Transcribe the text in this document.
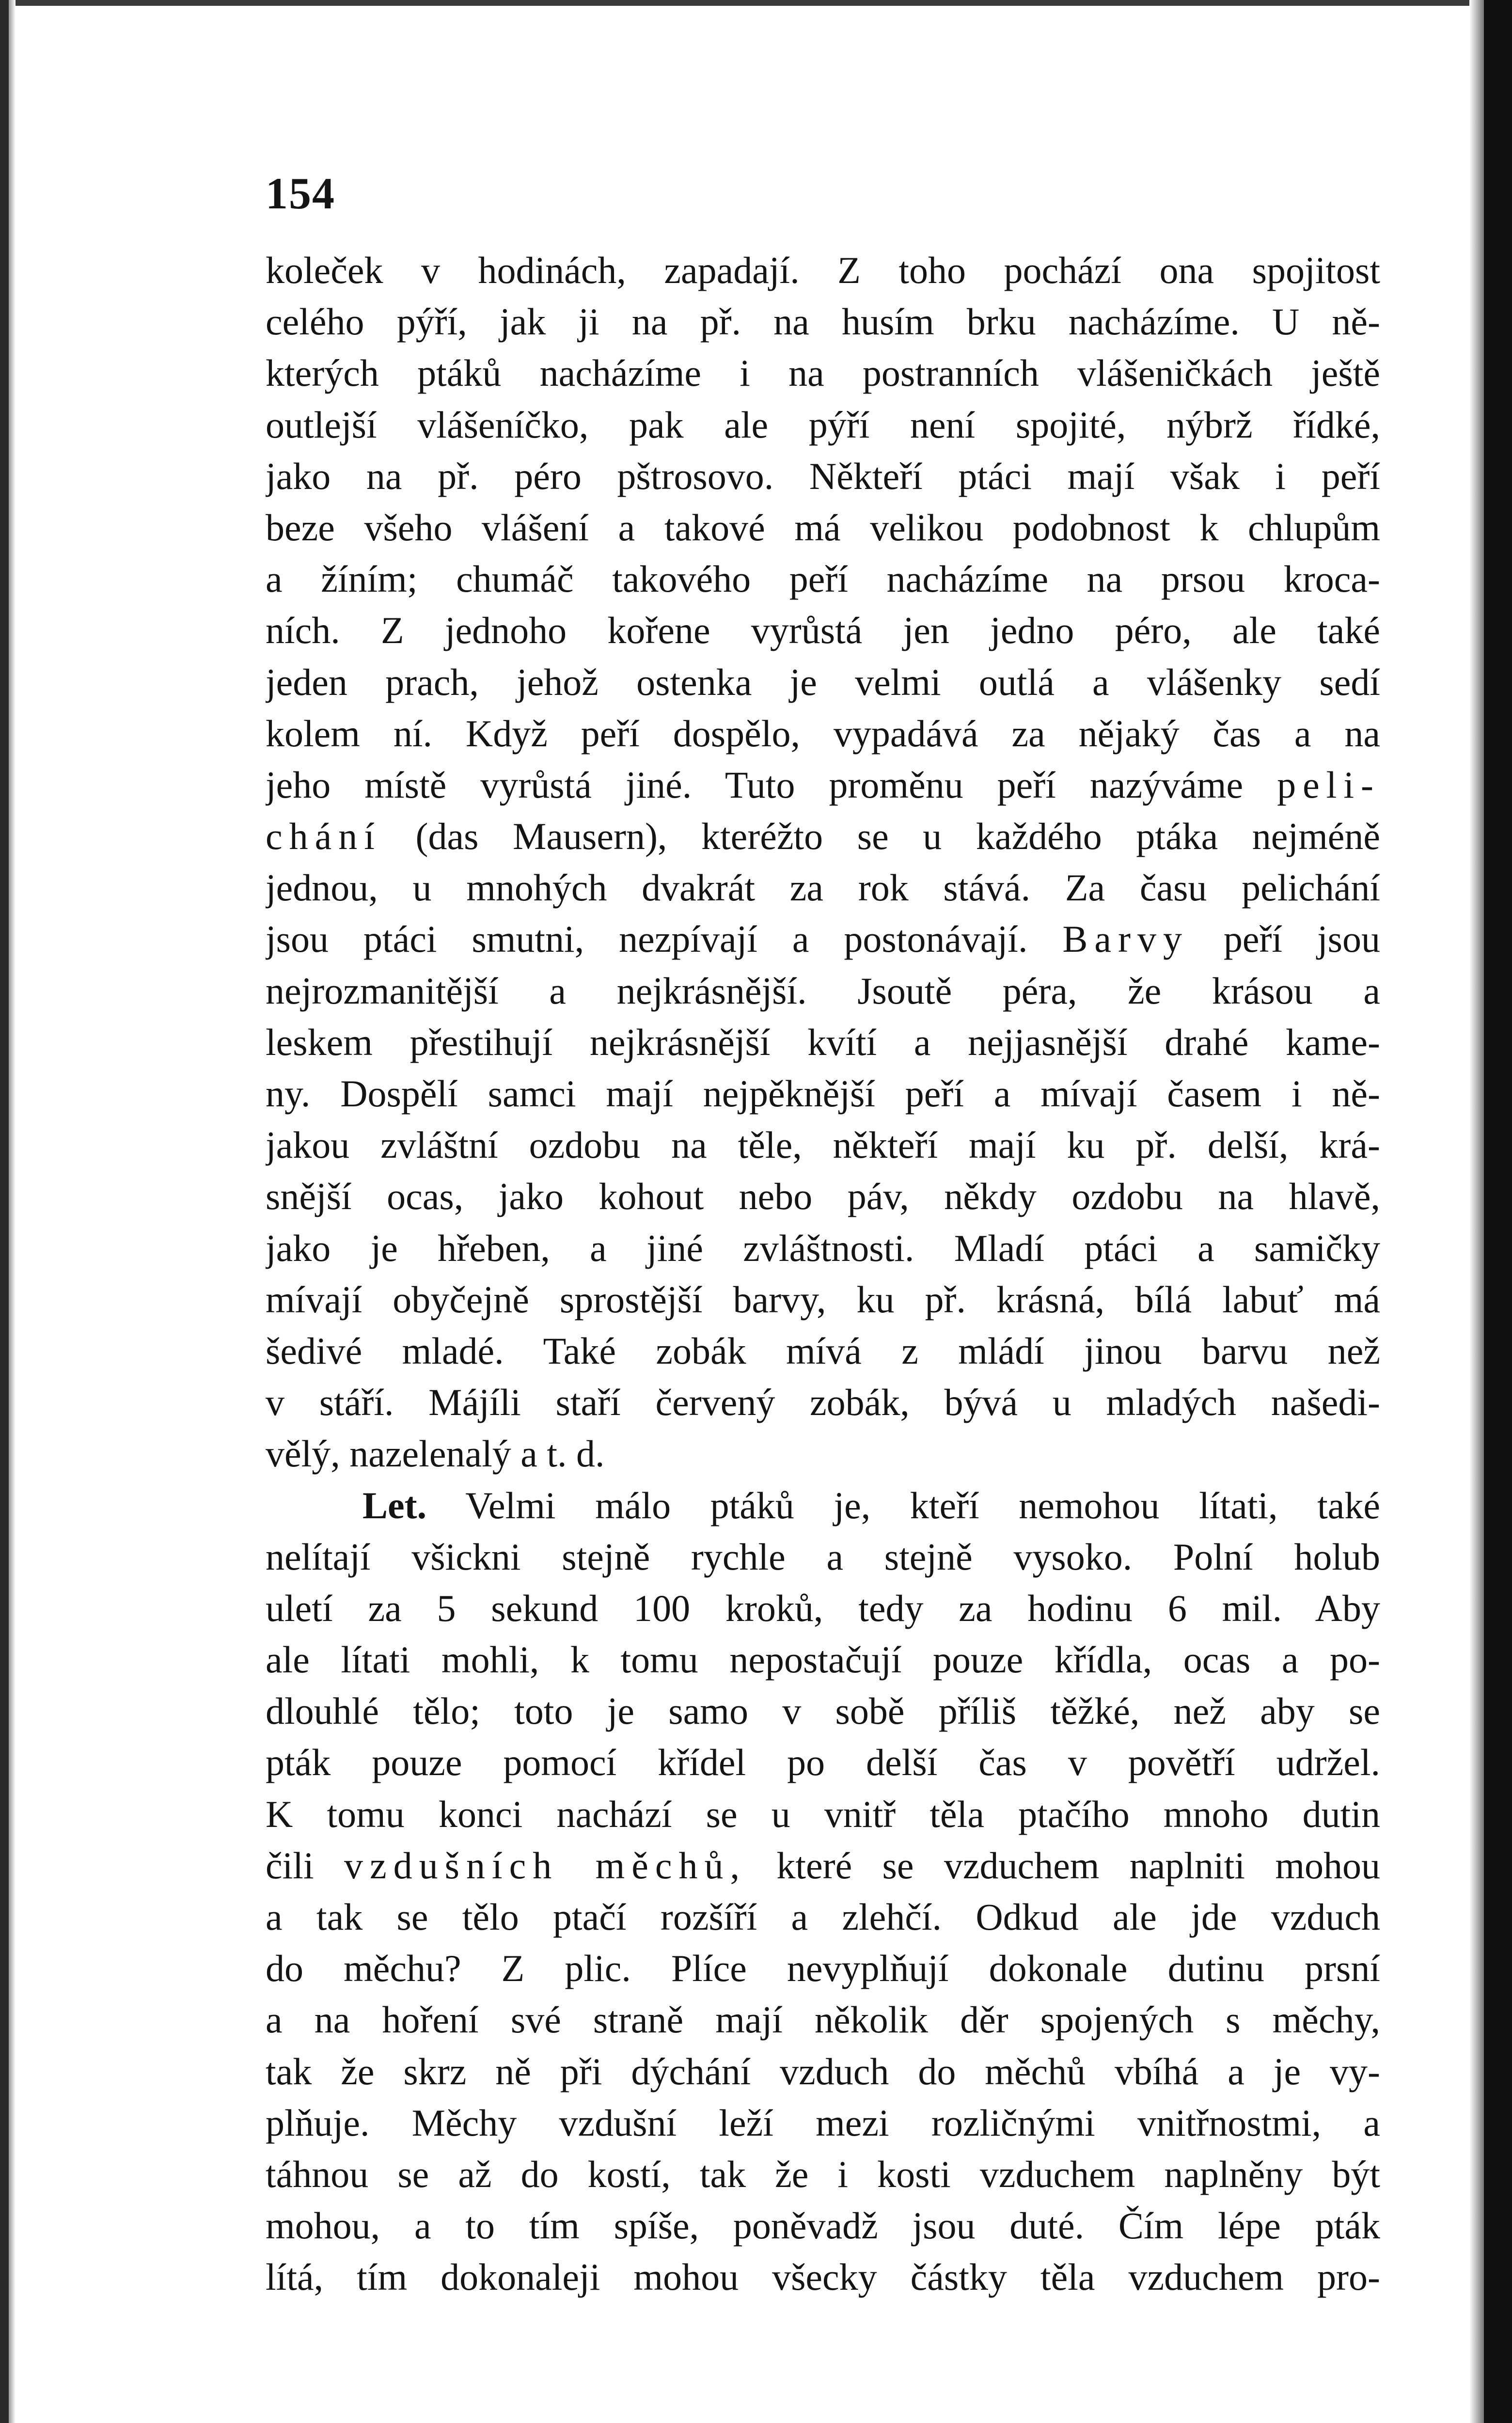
154
koleček v hodinách, zapadají. Z toho pochází ona spojitost
celého pýří, jak ji na př. na husím brku nacházíme. U ně-
kterých ptáků nacházíme i na postranních vlášeničkách ještě
outlejší vlášeníčko, pak ale pýří není spojité, nýbrž řídké,
jako na př. péro pštrosovo. Někteří ptáci mají však i peří
beze všeho vlášení a takové má velikou podobnost k chlupům
a žíním; chumáč takového peří nacházíme na prsou kroca-
ních. Z jednoho kořene vyrůstá jen jedno péro, ale také
jeden prach, jehož ostenka je velmi outlá a vlášenky sedí
kolem ní. Když peří dospělo, vypadává za nějaký čas a na
jeho místě vyrůstá jiné. Tuto proměnu peří nazýváme peli-
chání (das Mausern), kteréžto se u každého ptáka nejméně
jednou, u mnohých dvakrát za rok stává. Za času pelichání
jsou ptáci smutni, nezpívají a postonávají. Barvy peří jsou
nejrozmanitější a nejkrásnější. Jsoutě péra, že krásou a
leskem přestihují nejkrásnější kvítí a nejjasnější drahé kame-
ny. Dospělí samci mají nejpěknější peří a mívají časem i ně-
jakou zvláštní ozdobu na těle, někteří mají ku př. delší, krá-
snější ocas, jako kohout nebo páv, někdy ozdobu na hlavě,
jako je hřeben, a jiné zvláštnosti. Mladí ptáci a samičky
mívají obyčejně sprostější barvy, ku př. krásná, bílá labuť má
šedivé mladé. Také zobák mívá z mládí jinou barvu než
v stáří. Májíli staří červený zobák, bývá u mladých našedi-
vělý, nazelenalý a t. d.
Let. Velmi málo ptáků je, kteří nemohou lítati, také
nelítají všickni stejně rychle a stejně vysoko. Polní holub
uletí za 5 sekund 100 kroků, tedy za hodinu 6 mil. Aby
ale lítati mohli, k tomu nepostačují pouze křídla, ocas a po-
dlouhlé tělo; toto je samo v sobě příliš těžké, než aby se
pták pouze pomocí křídel po delší čas v povětří udržel.
K tomu konci nachází se u vnitř těla ptačího mnoho dutin
čili vzdušních měchů, které se vzduchem naplniti mohou
a tak se tělo ptačí rozšíří a zlehčí. Odkud ale jde vzduch
do měchu? Z plic. Plíce nevyplňují dokonale dutinu prsní
a na hoření své straně mají několik děr spojených s měchy,
tak že skrz ně při dýchání vzduch do měchů vbíhá a je vy-
plňuje. Měchy vzdušní leží mezi rozličnými vnitřnostmi, a
táhnou se až do kostí, tak že i kosti vzduchem naplněny být
mohou, a to tím spíše, poněvadž jsou duté. Čím lépe pták
lítá, tím dokonaleji mohou všecky částky těla vzduchem pro-
